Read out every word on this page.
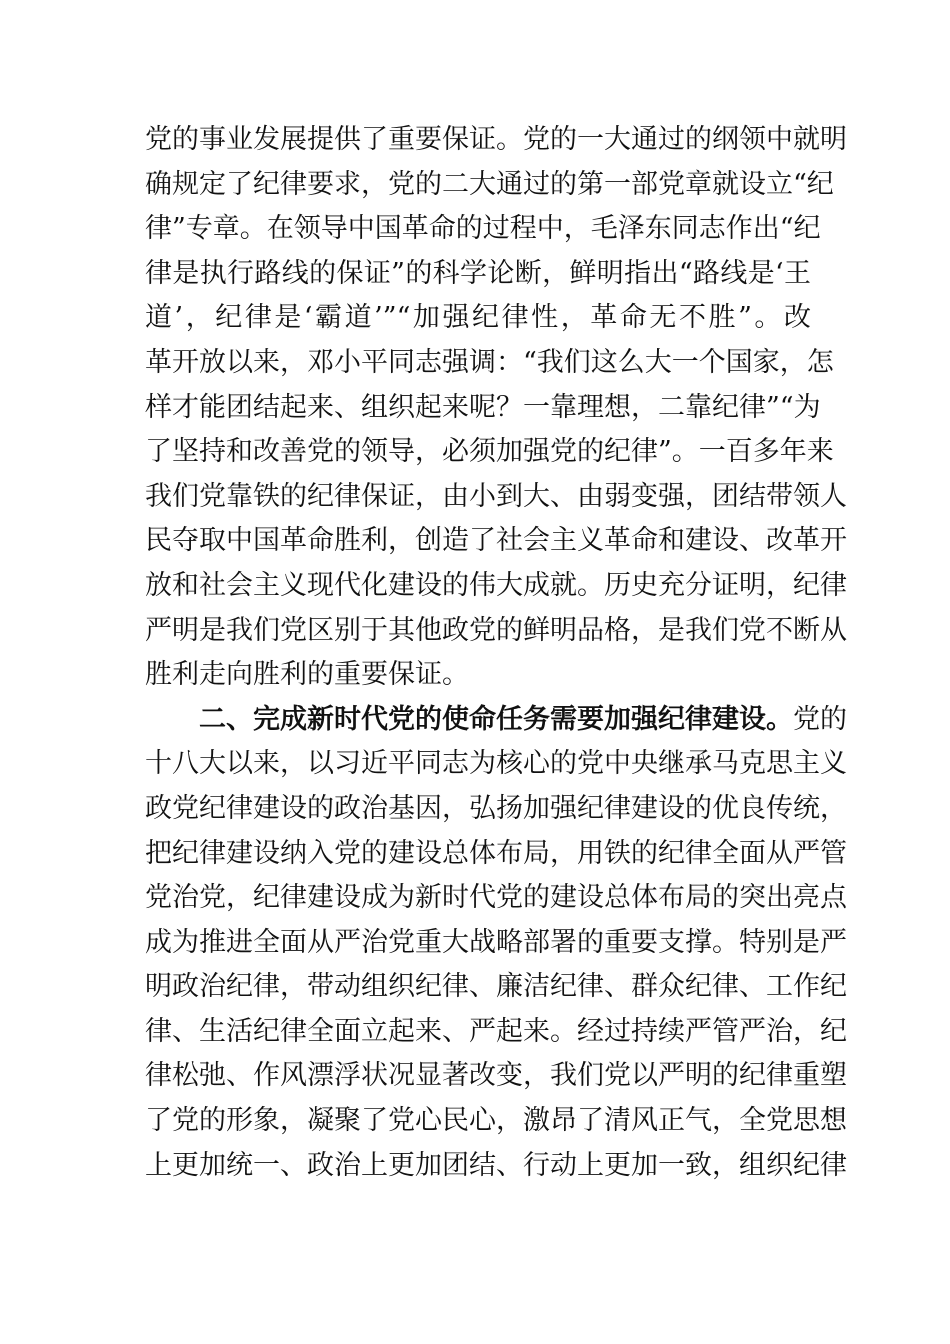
党的事业发展提供了重要保证。党的一大通过的纲领中就明
确规定了纪律要求，党的二大通过的第一部党章就设立“纪
律”专章。在领导中国革命的过程中，毛泽东同志作出“纪
律是执行路线的保证”的科学论断，鲜明指出“路线是‘王
道’，纪律是‘霸道’”“加强纪律性，革命无不胜”。改
革开放以来，邓小平同志强调：“我们这么大一个国家，怎
样才能团结起来、组织起来呢？一靠理想，二靠纪律”“为
了坚持和改善党的领导，必须加强党的纪律”。一百多年来
我们党靠铁的纪律保证，由小到大、由弱变强，团结带领人
民夺取中国革命胜利，创造了社会主义革命和建设、改革开
放和社会主义现代化建设的伟大成就。历史充分证明，纪律
严明是我们党区别于其他政党的鲜明品格，是我们党不断从
胜利走向胜利的重要保证。
二、完成新时代党的使命任务需要加强纪律建设。党的
十八大以来，以习近平同志为核心的党中央继承马克思主义
政党纪律建设的政治基因，弘扬加强纪律建设的优良传统，
把纪律建设纳入党的建设总体布局，用铁的纪律全面从严管
党治党，纪律建设成为新时代党的建设总体布局的突出亮点
成为推进全面从严治党重大战略部署的重要支撑。特别是严
明政治纪律，带动组织纪律、廉洁纪律、群众纪律、工作纪
律、生活纪律全面立起来、严起来。经过持续严管严治，纪
律松弛、作风漂浮状况显著改变，我们党以严明的纪律重塑
了党的形象，凝聚了党心民心，激昂了清风正气，全党思想
上更加统一、政治上更加团结、行动上更加一致，组织纪律
